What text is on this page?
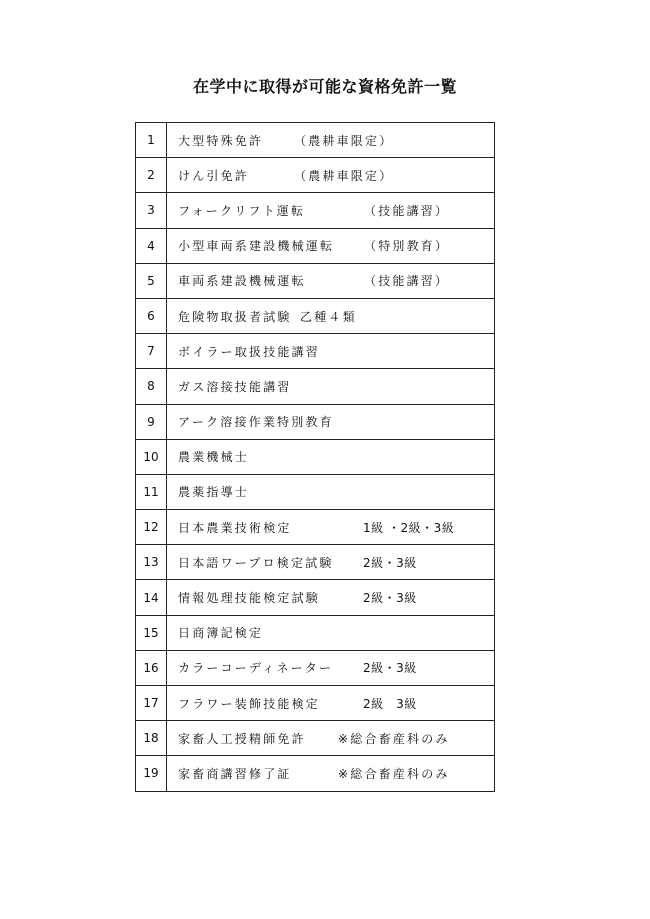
在学中に取得が可能な資格免許一覧
1	大型特殊免許 （農耕車限定）
2	けん引免許 （農耕車限定）
3	フォークリフト運転 （技能講習）
4	小型車両系建設機械運転 （特別教育）
5	車両系建設機械運転 （技能講習）
6	危険物取扱者試験 乙種４類
7	ボイラー取扱技能講習
8	ガス溶接技能講習
9	アーク溶接作業特別教育
10	農業機械士
11	農薬指導士
12	日本農業技術検定 1級 ・2級・3級
13	日本語ワープロ検定試験 2級・3級
14	情報処理技能検定試験 2級・3級
15	日商簿記検定
16	カラーコーディネーター 2級・3級
17	フラワー装飾技能検定 2級　3級
18	家畜人工授精師免許 ※総合畜産科のみ
19	家畜商講習修了証 ※総合畜産科のみ
